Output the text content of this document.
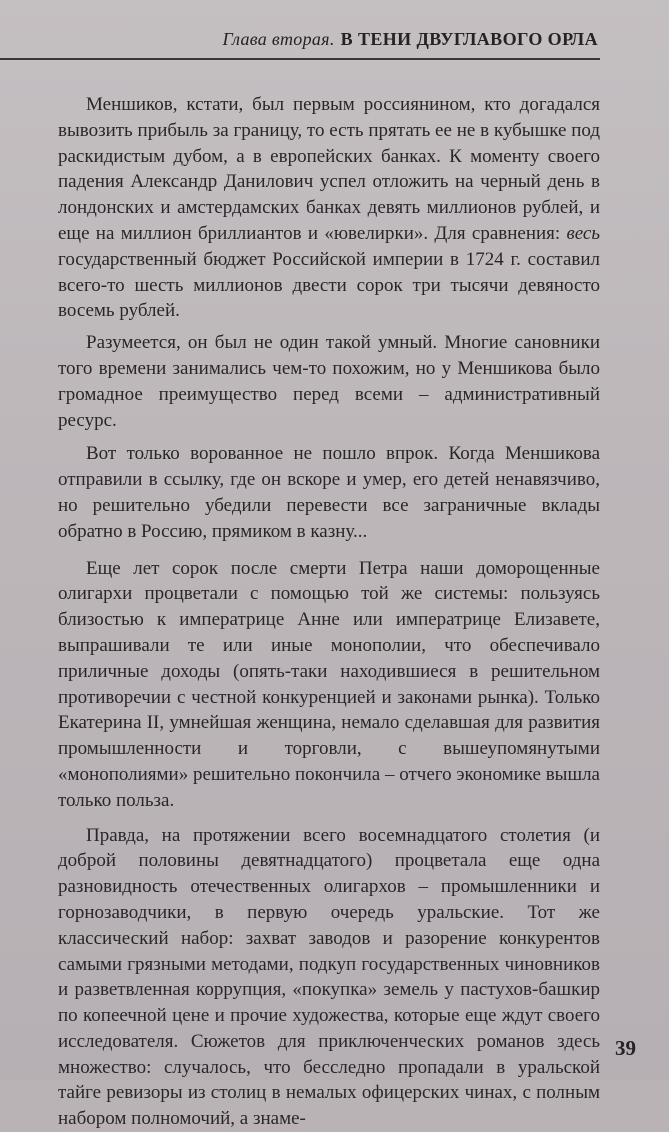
Глава вторая. В ТЕНИ ДВУГЛАВОГО ОРЛА

Меншиков, кстати, был первым россиянином, кто догадался вывозить прибыль за границу, то есть прятать ее не в кубышке под раскидистым дубом, а в европейских банках. К моменту своего падения Александр Данилович успел отложить на черный день в лондонских и амстердамских банках девять миллионов рублей, и еще на миллион бриллиантов и «ювелирки». Для сравнения: весь государственный бюджет Российской империи в 1724 г. составил всего-то шесть миллионов двести сорок три тысячи девяносто восемь рублей.

Разумеется, он был не один такой умный. Многие сановники того времени занимались чем-то похожим, но у Меншикова было громадное преимущество перед всеми – административный ресурс.

Вот только ворованное не пошло впрок. Когда Меншикова отправили в ссылку, где он вскоре и умер, его детей ненавязчиво, но решительно убедили перевести все заграничные вклады обратно в Россию, прямиком в казну...

Еще лет сорок после смерти Петра наши доморощенные олигархи процветали с помощью той же системы: пользуясь близостью к императрице Анне или императрице Елизавете, выпрашивали те или иные монополии, что обеспечивало приличные доходы (опять-таки находившиеся в решительном противоречии с честной конкуренцией и законами рынка). Только Екатерина II, умнейшая женщина, немало сделавшая для развития промышленности и торговли, с вышеупомянутыми «монополиями» решительно покончила – отчего экономике вышла только польза.

Правда, на протяжении всего восемнадцатого столетия (и доброй половины девятнадцатого) процветала еще одна разновидность отечественных олигархов – промышленники и горнозаводчики, в первую очередь уральские. Тот же классический набор: захват заводов и разорение конкурентов самыми грязными методами, подкуп государственных чиновников и разветвленная коррупция, «покупка» земель у пастухов-башкир по копеечной цене и прочие художества, которые еще ждут своего исследователя. Сюжетов для приключенческих романов здесь множество: случалось, что бесследно пропадали в уральской тайге ревизоры из столиц в немалых офицерских чинах, с полным набором полномочий, а знаме-

39
